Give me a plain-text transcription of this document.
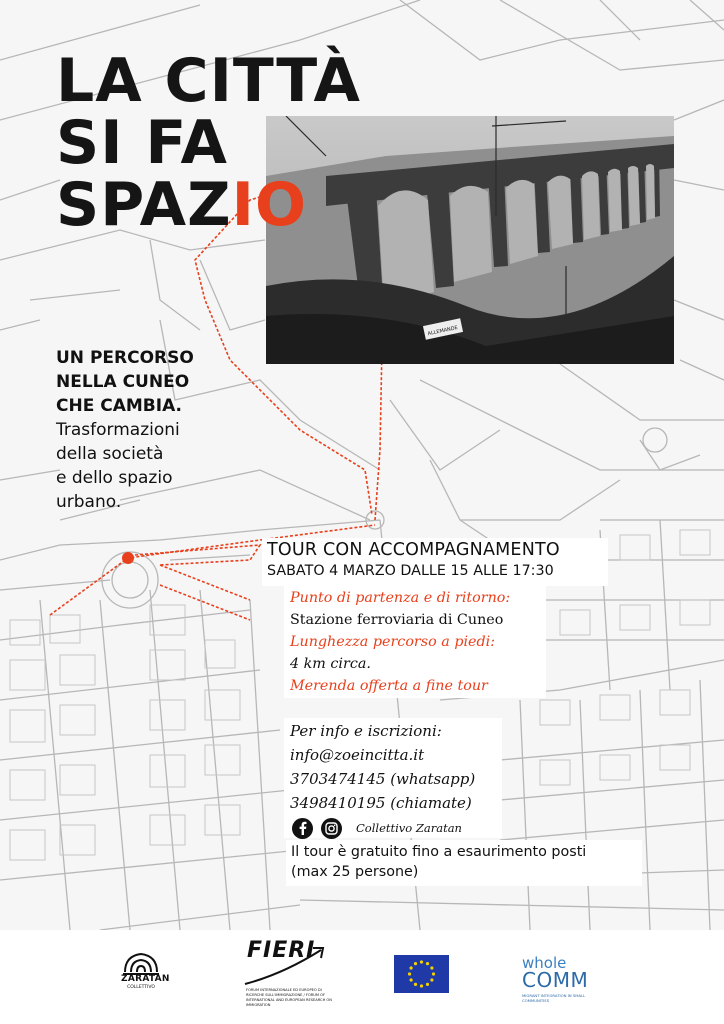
ALLEMANDE
LA CITTÀ
SI FA
SPAZIO
UN PERCORSO
NELLA CUNEO
CHE CAMBIA.
Trasformazioni
della società
e dello spazio
urbano.
TOUR CON ACCOMPAGNAMENTO
SABATO 4 MARZO DALLE 15 ALLE 17:30
Punto di partenza e di ritorno:
Stazione ferroviaria di Cuneo
Lunghezza percorso a piedi:
4 km circa.
Merenda offerta a fine tour
Per info e iscrizioni:
info@zoeincitta.it
3703474145 (whatsapp)
3498410195 (chiamate)
Collettivo Zaratan
Il tour è gratuito fino a esaurimento posti
(max 25 persone)
ZARATAN
COLLETTIVO
FIERI
FORUM INTERNAZIONALE ED EUROPEO DI RICERCHE SULL'IMMIGRAZIONE / FORUM OF INTERNATIONAL AND EUROPEAN RESEARCH ON IMMIGRATION
whole
COMM
MIGRANT INTEGRATION IN SMALL COMMUNITIES
